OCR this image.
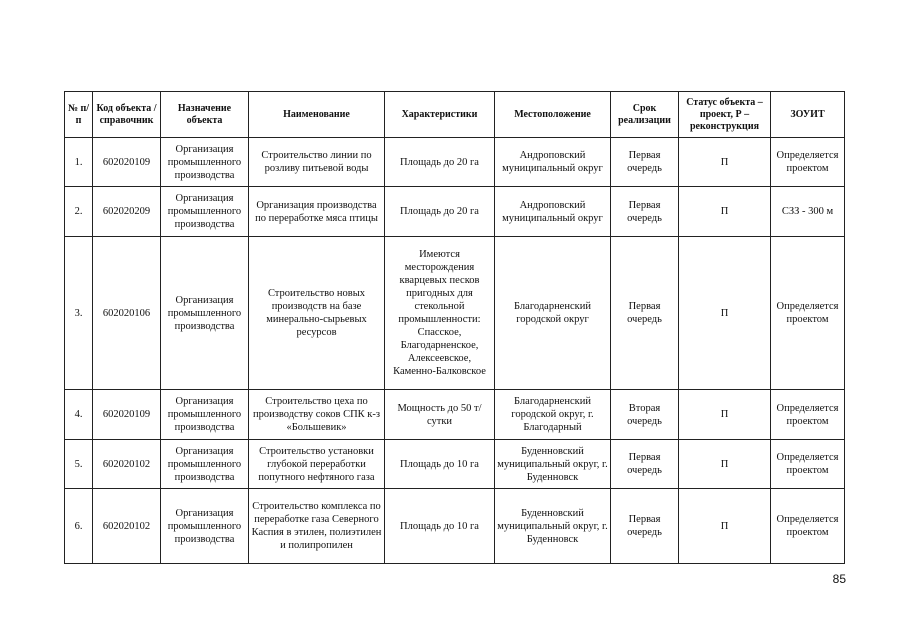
№ п/п	Код объекта / справочник	Назначение объекта	Наименование	Характеристики	Местоположение	Срок реализации	Статус объекта – проект, Р – реконструкция	ЗОУИТ
1.	602020109	Организация промышленного производства	Строительство линии по розливу питьевой воды	Площадь до 20 га	Андроповский муниципальный округ	Первая очередь	П	Определяется проектом
2.	602020209	Организация промышленного производства	Организация производства по переработке мяса птицы	Площадь до 20 га	Андроповский муниципальный округ	Первая очередь	П	СЗЗ - 300 м
3.	602020106	Организация промышленного производства	Строительство новых производств на базе минерально-сырьевых ресурсов	Имеются месторождения кварцевых песков пригодных для стекольной промышленности: Спасское, Благодарненское, Алексеевское, Каменно-Балковское	Благодарненский городской округ	Первая очередь	П	Определяется проектом
4.	602020109	Организация промышленного производства	Строительство цеха по производству соков СПК к-з «Большевик»	Мощность до 50 т/сутки	Благодарненский городской округ, г. Благодарный	Вторая очередь	П	Определяется проектом
5.	602020102	Организация промышленного производства	Строительство установки глубокой переработки попутного нефтяного газа	Площадь до 10 га	Буденновский муниципальный округ, г. Буденновск	Первая очередь	П	Определяется проектом
6.	602020102	Организация промышленного производства	Строительство комплекса по переработке газа Северного Каспия в этилен, полиэтилен и полипропилен	Площадь до 10 га	Буденновский муниципальный округ, г. Буденновск	Первая очередь	П	Определяется проектом
85
